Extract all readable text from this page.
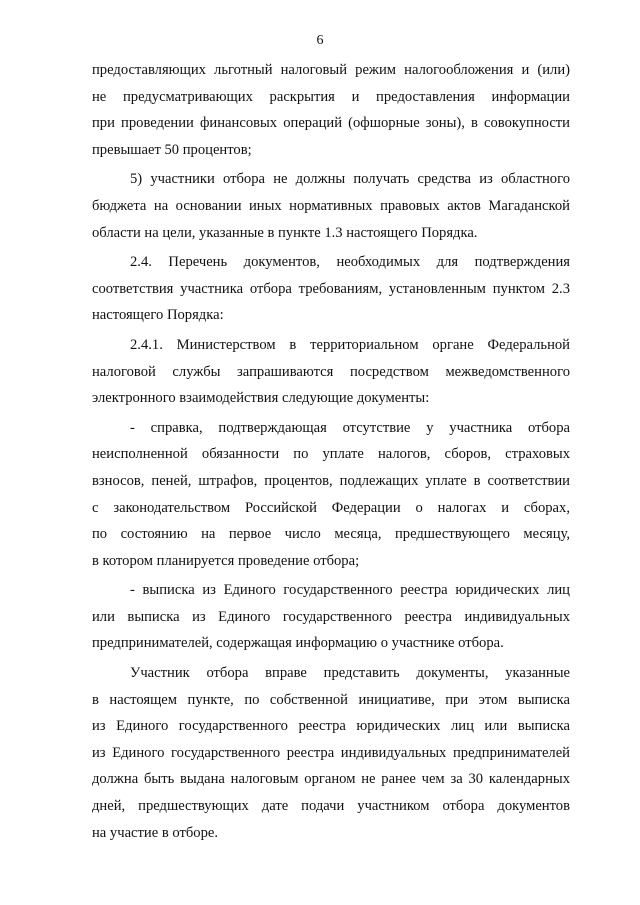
6
предоставляющих льготный налоговый режим налогообложения и (или)
не предусматривающих раскрытия и предоставления информации
при проведении финансовых операций (офшорные зоны), в совокупности
превышает 50 процентов;
5) участники отбора не должны получать средства из областного
бюджета на основании иных нормативных правовых актов Магаданской
области на цели, указанные в пункте 1.3 настоящего Порядка.
2.4. Перечень документов, необходимых для подтверждения
соответствия участника отбора требованиям, установленным пунктом 2.3
настоящего Порядка:
2.4.1. Министерством в территориальном органе Федеральной
налоговой службы запрашиваются посредством межведомственного
электронного взаимодействия следующие документы:
- справка, подтверждающая отсутствие у участника отбора
неисполненной обязанности по уплате налогов, сборов, страховых
взносов, пеней, штрафов, процентов, подлежащих уплате в соответствии
с законодательством Российской Федерации о налогах и сборах,
по состоянию на первое число месяца, предшествующего месяцу,
в котором планируется проведение отбора;
- выписка из Единого государственного реестра юридических лиц
или выписка из Единого государственного реестра индивидуальных
предпринимателей, содержащая информацию о участнике отбора.
Участник отбора вправе представить документы, указанные
в настоящем пункте, по собственной инициативе, при этом выписка
из Единого государственного реестра юридических лиц или выписка
из Единого государственного реестра индивидуальных предпринимателей
должна быть выдана налоговым органом не ранее чем за 30 календарных
дней, предшествующих дате подачи участником отбора документов
на участие в отборе.
